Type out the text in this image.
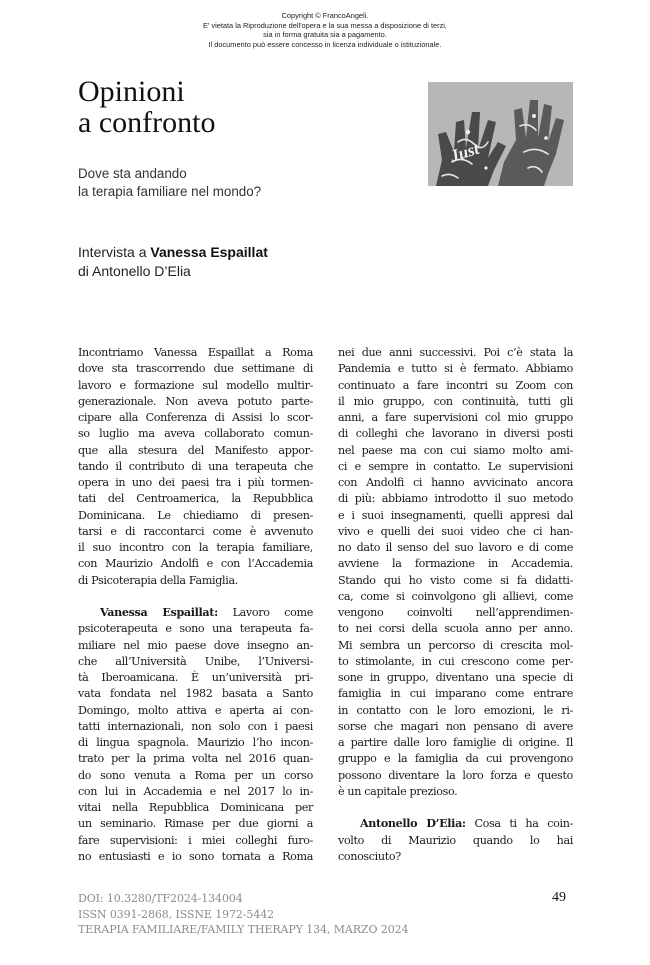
Copyright © FrancoAngeli.
E' vietata la Riproduzione dell'opera e la sua messa a disposizione di terzi,
sia in forma gratuita sia a pagamento.
Il documento può essere concesso in licenza individuale o istituzionale.
Opinioni
a confronto
Dove sta andando
la terapia familiare nel mondo?
Just
Intervista a Vanessa Espaillat
di Antonello D’Elia
Incontriamo Vanessa Espaillat a Roma
dove sta trascorrendo due settimane di
lavoro e formazione sul modello multir-
generazionale. Non aveva potuto parte-
cipare alla Conferenza di Assisi lo scor-
so luglio ma aveva collaborato comun-
que alla stesura del Manifesto appor-
tando il contributo di una terapeuta che
opera in uno dei paesi tra i più tormen-
tati del Centroamerica, la Repubblica
Dominicana. Le chiediamo di presen-
tarsi e di raccontarci come è avvenuto
il suo incontro con la terapia familiare,
con Maurizio Andolfi e con l’Accademia
di Psicoterapia della Famiglia.
Vanessa Espaillat: Lavoro come
psicoterapeuta e sono una terapeuta fa-
miliare nel mio paese dove insegno an-
che all’Università Unibe, l’Universi-
tà Iberoamicana. È un’università pri-
vata fondata nel 1982 basata a Santo
Domingo, molto attiva e aperta ai con-
tatti internazionali, non solo con i paesi
di lingua spagnola. Maurizio l’ho incon-
trato per la prima volta nel 2016 quan-
do sono venuta a Roma per un corso
con lui in Accademia e nel 2017 lo in-
vitai nella Repubblica Dominicana per
un seminario. Rimase per due giorni a
fare supervisioni: i miei colleghi furo-
no entusiasti e io sono tornata a Roma
nei due anni successivi. Poi c’è stata la
Pandemia e tutto si è fermato. Abbiamo
continuato a fare incontri su Zoom con
il mio gruppo, con continuità, tutti gli
anni, a fare supervisioni col mio gruppo
di colleghi che lavorano in diversi posti
nel paese ma con cui siamo molto ami-
ci e sempre in contatto. Le supervisioni
con Andolfi ci hanno avvicinato ancora
di più: abbiamo introdotto il suo metodo
e i suoi insegnamenti, quelli appresi dal
vivo e quelli dei suoi video che ci han-
no dato il senso del suo lavoro e di come
avviene la formazione in Accademia.
Stando qui ho visto come si fa didatti-
ca, come si coinvolgono gli allievi, come
vengono coinvolti nell’apprendimen-
to nei corsi della scuola anno per anno.
Mi sembra un percorso di crescita mol-
to stimolante, in cui crescono come per-
sone in gruppo, diventano una specie di
famiglia in cui imparano come entrare
in contatto con le loro emozioni, le ri-
sorse che magari non pensano di avere
a partire dalle loro famiglie di origine. Il
gruppo e la famiglia da cui provengono
possono diventare la loro forza e questo
è un capitale prezioso.
Antonello D’Elia: Cosa ti ha coin-
volto di Maurizio quando lo hai
conosciuto?
DOI: 10.3280/TF2024-134004
ISSN 0391-2868, ISSNE 1972-5442
TERAPIA FAMILIARE/FAMILY THERAPY 134, MARZO 2024
49
